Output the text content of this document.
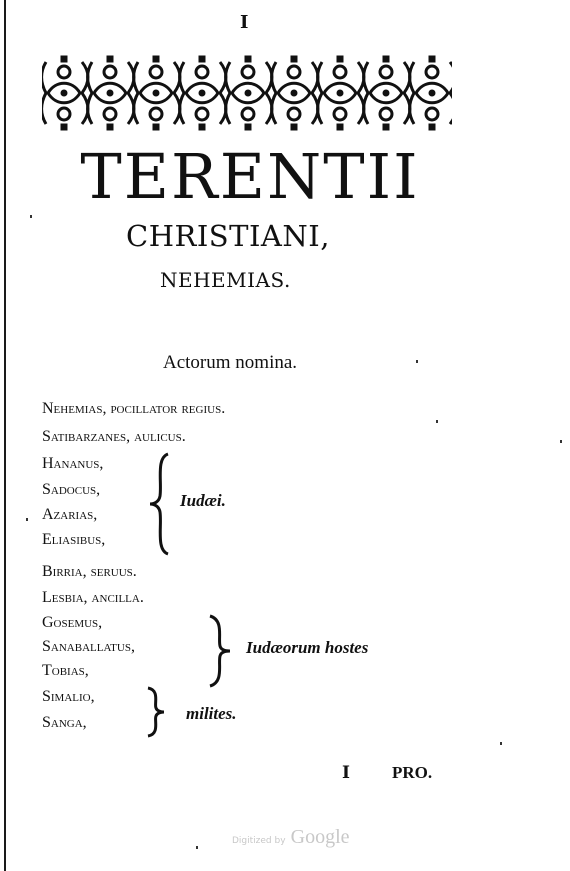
I
TERENTII
CHRISTIANI,
NEHEMIAS.
Actorum nomina.
Nehemias, pocillator regius.
Satibarzanes, aulicus.
Hananus,
Sadocus,
Azarias,
Eliasibus,
Birria, seruus.
Lesbia, ancilla.
Gosemus,
Sanaballatus,
Tobias,
Simalio,
Sanga,
Iudæi.
Iudæorum hostes
milites.
I PRO.
Digitized by Google
